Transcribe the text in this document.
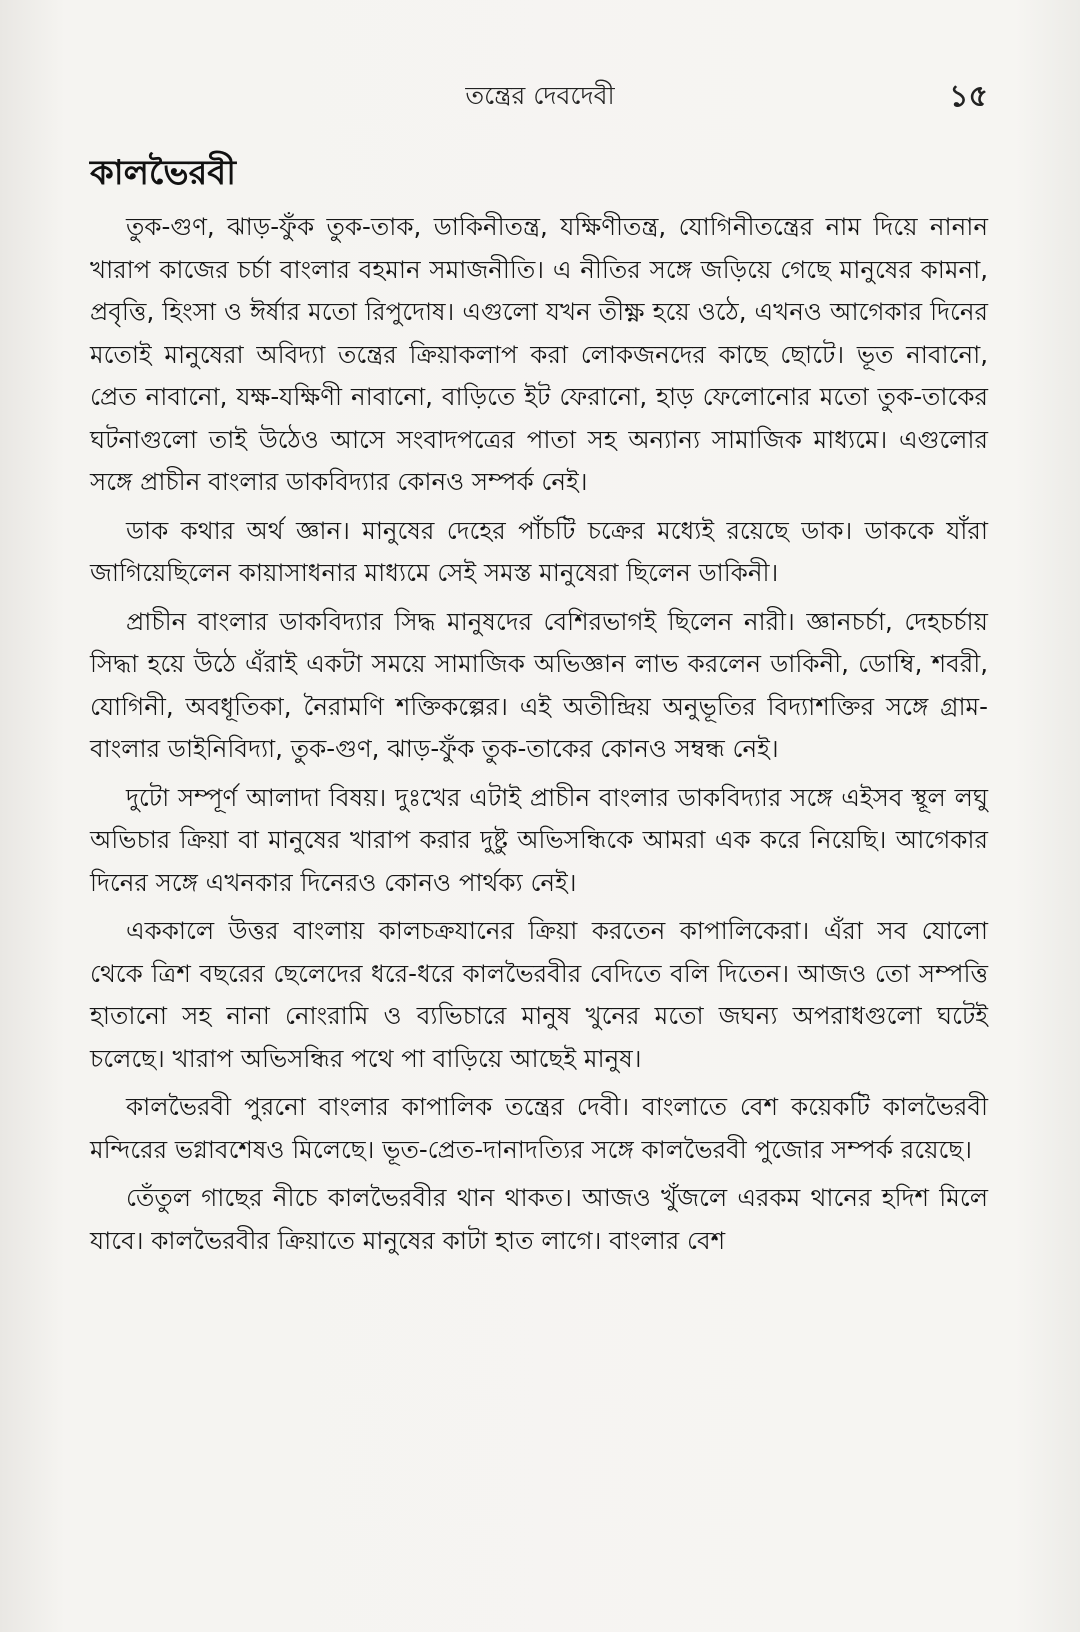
তন্ত্রের দেবদেবী	১৫
কালভৈরবী

তুক-গুণ, ঝাড়-ফুঁক তুক-তাক, ডাকিনীতন্ত্র, যক্ষিণীতন্ত্র, যোগিনীতন্ত্রের নাম দিয়ে নানান খারাপ কাজের চর্চা বাংলার বহমান সমাজনীতি। এ নীতির সঙ্গে জড়িয়ে গেছে মানুষের কামনা, প্রবৃত্তি, হিংসা ও ঈর্ষার মতো রিপুদোষ। এগুলো যখন তীক্ষ্ণ হয়ে ওঠে, এখনও আগেকার দিনের মতোই মানুষেরা অবিদ্যা তন্ত্রের ক্রিয়াকলাপ করা লোকজনদের কাছে ছোটে। ভূত নাবানো, প্রেত নাবানো, যক্ষ-যক্ষিণী নাবানো, বাড়িতে ইট ফেরানো, হাড় ফেলোনোর মতো তুক-তাকের ঘটনাগুলো তাই উঠেও আসে সংবাদপত্রের পাতা সহ অন্যান্য সামাজিক মাধ্যমে। এগুলোর সঙ্গে প্রাচীন বাংলার ডাকবিদ্যার কোনও সম্পর্ক নেই।

ডাক কথার অর্থ জ্ঞান। মানুষের দেহের পাঁচটি চক্রের মধ্যেই রয়েছে ডাক। ডাককে যাঁরা জাগিয়েছিলেন কায়াসাধনার মাধ্যমে সেই সমস্ত মানুষেরা ছিলেন ডাকিনী।

প্রাচীন বাংলার ডাকবিদ্যার সিদ্ধ মানুষদের বেশিরভাগই ছিলেন নারী। জ্ঞানচর্চা, দেহচর্চায় সিদ্ধা হয়ে উঠে এঁরাই একটা সময়ে সামাজিক অভিজ্ঞান লাভ করলেন ডাকিনী, ডোম্বি, শবরী, যোগিনী, অবধূতিকা, নৈরামণি শক্তিকল্পের। এই অতীন্দ্রিয় অনুভূতির বিদ্যাশক্তির সঙ্গে গ্রাম-বাংলার ডাইনিবিদ্যা, তুক-গুণ, ঝাড়-ফুঁক তুক-তাকের কোনও সম্বন্ধ নেই।

দুটো সম্পূর্ণ আলাদা বিষয়। দুঃখের এটাই প্রাচীন বাংলার ডাকবিদ্যার সঙ্গে এইসব স্থূল লঘু অভিচার ক্রিয়া বা মানুষের খারাপ করার দুষ্টু অভিসন্ধিকে আমরা এক করে নিয়েছি। আগেকার দিনের সঙ্গে এখনকার দিনেরও কোনও পার্থক্য নেই।

এককালে উত্তর বাংলায় কালচক্রযানের ক্রিয়া করতেন কাপালিকেরা। এঁরা সব যোলো থেকে ত্রিশ বছরের ছেলেদের ধরে-ধরে কালভৈরবীর বেদিতে বলি দিতেন। আজও তো সম্পত্তি হাতানো সহ নানা নোংরামি ও ব্যভিচারে মানুষ খুনের মতো জঘন্য অপরাধগুলো ঘটেই চলেছে। খারাপ অভিসন্ধির পথে পা বাড়িয়ে আছেই মানুষ।

কালভৈরবী পুরনো বাংলার কাপালিক তন্ত্রের দেবী। বাংলাতে বেশ কয়েকটি কালভৈরবী মন্দিরের ভগ্নাবশেষও মিলেছে। ভূত-প্রেত-দানাদত্যির সঙ্গে কালভৈরবী পুজোর সম্পর্ক রয়েছে।

তেঁতুল গাছের নীচে কালভৈরবীর থান থাকত। আজও খুঁজলে এরকম থানের হদিশ মিলে যাবে। কালভৈরবীর ক্রিয়াতে মানুষের কাটা হাত লাগে। বাংলার বেশ
